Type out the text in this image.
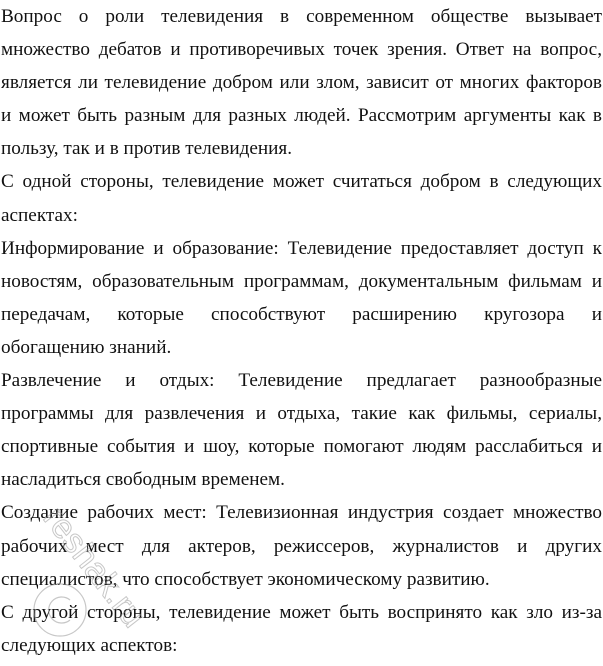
Вопрос о роли телевидения в современном обществе вызывает
множество дебатов и противоречивых точек зрения. Ответ на вопрос,
является ли телевидение добром или злом, зависит от многих факторов
и может быть разным для разных людей. Рассмотрим аргументы как в
пользу, так и в против телевидения.
С одной стороны, телевидение может считаться добром в следующих
аспектах:
Информирование и образование: Телевидение предоставляет доступ к
новостям, образовательным программам, документальным фильмам и
передачам, которые способствуют расширению кругозора и
обогащению знаний.
Развлечение и отдых: Телевидение предлагает разнообразные
программы для развлечения и отдыха, такие как фильмы, сериалы,
спортивные события и шоу, которые помогают людям расслабиться и
насладиться свободным временем.
Создание рабочих мест: Телевизионная индустрия создает множество
рабочих мест для актеров, режиссеров, журналистов и других
специалистов, что способствует экономическому развитию.
С другой стороны, телевидение может быть воспринято как зло из-за
следующих аспектов:
reshak.ru
